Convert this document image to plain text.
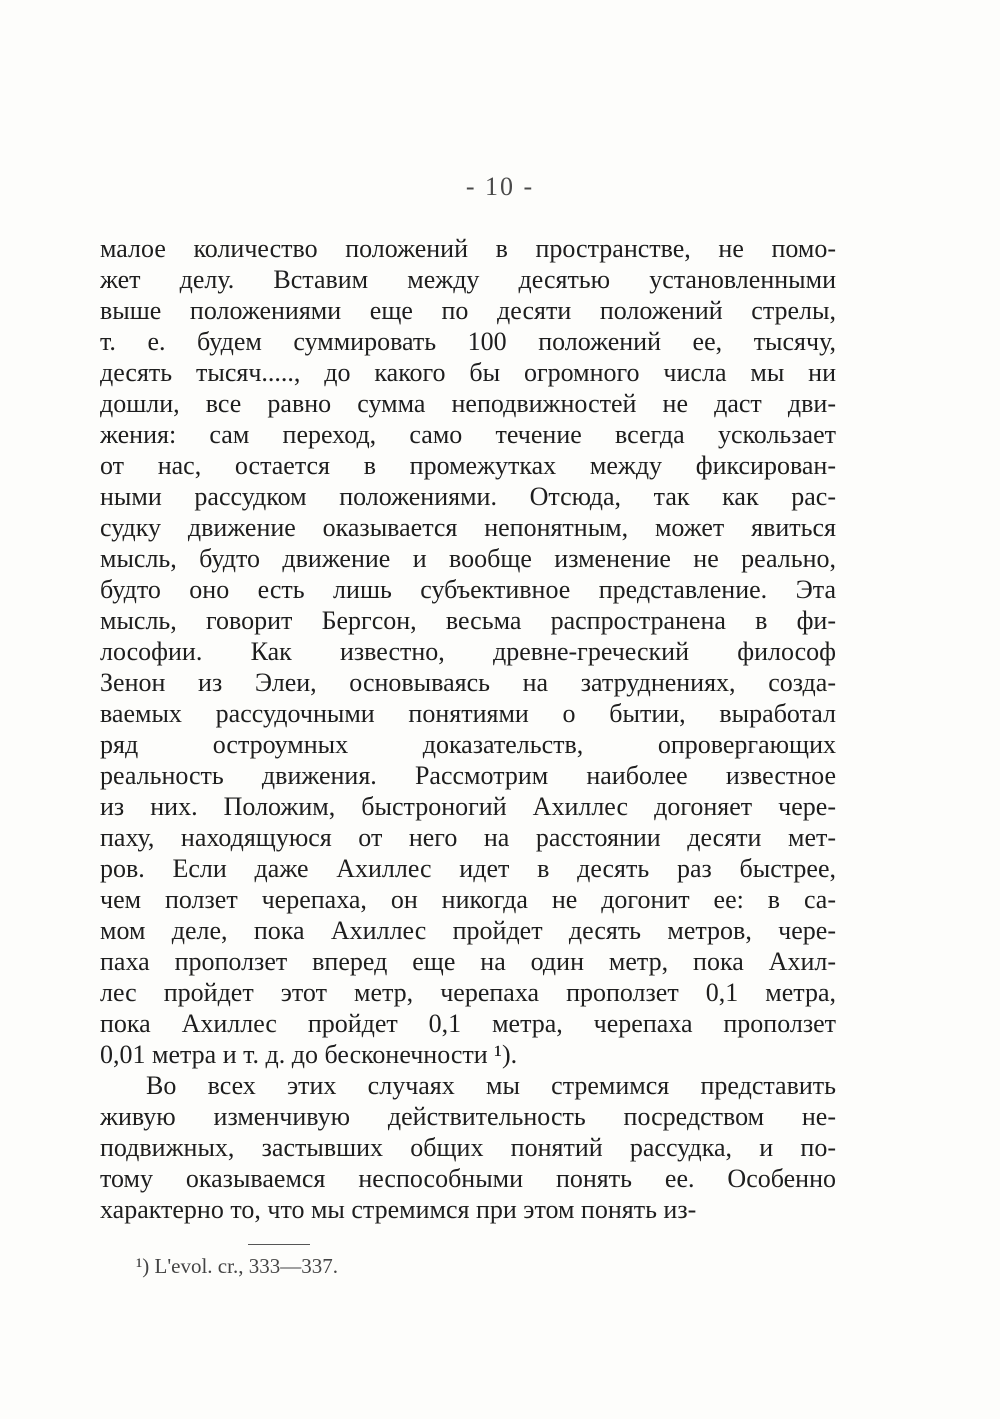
- 10 -
малое количество положений в пространстве, не помо-
жет делу. Вставим между десятью установленными
выше положениями еще по десяти положений стрелы,
т. е. будем суммировать 100 положений ее, тысячу,
десять тысяч....., до какого бы огромного числа мы ни
дошли, все равно сумма неподвижностей не даст дви-
жения: сам переход, само течение всегда ускользает
от нас, остается в промежутках между фиксирован-
ными рассудком положениями. Отсюда, так как рас-
судку движение оказывается непонятным, может явиться
мысль, будто движение и вообще изменение не реально,
будто оно есть лишь субъективное представление. Эта
мысль, говорит Бергсон, весьма распространена в фи-
лософии. Как известно, древне-греческий философ
Зенон из Элеи, основываясь на затруднениях, созда-
ваемых рассудочными понятиями о бытии, выработал
ряд остроумных доказательств, опровергающих
реальность движения. Рассмотрим наиболее известное
из них. Положим, быстроногий Ахиллес догоняет чере-
паху, находящуюся от него на расстоянии десяти мет-
ров. Если даже Ахиллес идет в десять раз быстрее,
чем ползет черепаха, он никогда не догонит ее: в са-
мом деле, пока Ахиллес пройдет десять метров, чере-
паха проползет вперед еще на один метр, пока Ахил-
лес пройдет этот метр, черепаха проползет 0,1 метра,
пока Ахиллес пройдет 0,1 метра, черепаха проползет
0,01 метра и т. д. до бесконечности ¹).
Во всех этих случаях мы стремимся представить
живую изменчивую действительность посредством не-
подвижных, застывших общих понятий рассудка, и по-
тому оказываемся неспособными понять ее. Особенно
характерно то, что мы стремимся при этом понять из-
¹) L'evol. cr., 333—337.
